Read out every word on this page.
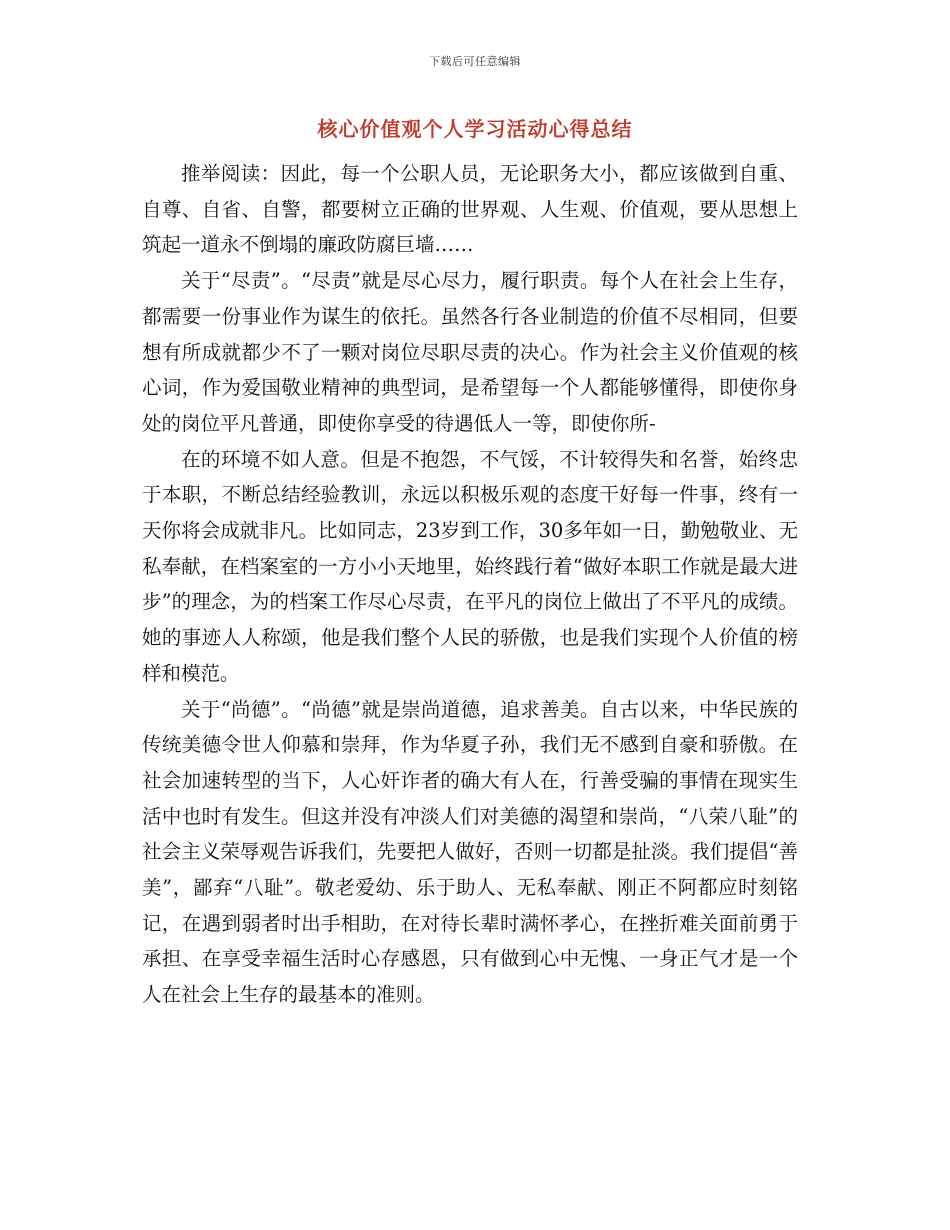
下载后可任意编辑
核心价值观个人学习活动心得总结

推举阅读：因此，每一个公职人员，无论职务大小，都应该做到自重、自尊、自省、自警，都要树立正确的世界观、人生观、价值观，要从思想上筑起一道永不倒塌的廉政防腐巨墙……

关于“尽责”。“尽责”就是尽心尽力，履行职责。每个人在社会上生存，都需要一份事业作为谋生的依托。虽然各行各业制造的价值不尽相同，但要想有所成就都少不了一颗对岗位尽职尽责的决心。作为社会主义价值观的核心词，作为爱国敬业精神的典型词，是希望每一个人都能够懂得，即使你身处的岗位平凡普通，即使你享受的待遇低人一等，即使你所-

在的环境不如人意。但是不抱怨，不气馁，不计较得失和名誉，始终忠于本职，不断总结经验教训，永远以积极乐观的态度干好每一件事，终有一天你将会成就非凡。比如同志，23岁到工作，30多年如一日，勤勉敬业、无私奉献，在档案室的一方小小天地里，始终践行着“做好本职工作就是最大进步”的理念，为的档案工作尽心尽责，在平凡的岗位上做出了不平凡的成绩。她的事迹人人称颂，他是我们整个人民的骄傲，也是我们实现个人价值的榜样和模范。

关于“尚德”。“尚德”就是崇尚道德，追求善美。自古以来，中华民族的传统美德令世人仰慕和崇拜，作为华夏子孙，我们无不感到自豪和骄傲。在社会加速转型的当下，人心奸诈者的确大有人在，行善受骗的事情在现实生活中也时有发生。但这并没有冲淡人们对美德的渴望和崇尚，“八荣八耻”的社会主义荣辱观告诉我们，先要把人做好，否则一切都是扯淡。我们提倡“善美”，鄙弃“八耻”。敬老爱幼、乐于助人、无私奉献、刚正不阿都应时刻铭记，在遇到弱者时出手相助，在对待长辈时满怀孝心，在挫折难关面前勇于承担、在享受幸福生活时心存感恩，只有做到心中无愧、一身正气才是一个人在社会上生存的最基本的准则。
